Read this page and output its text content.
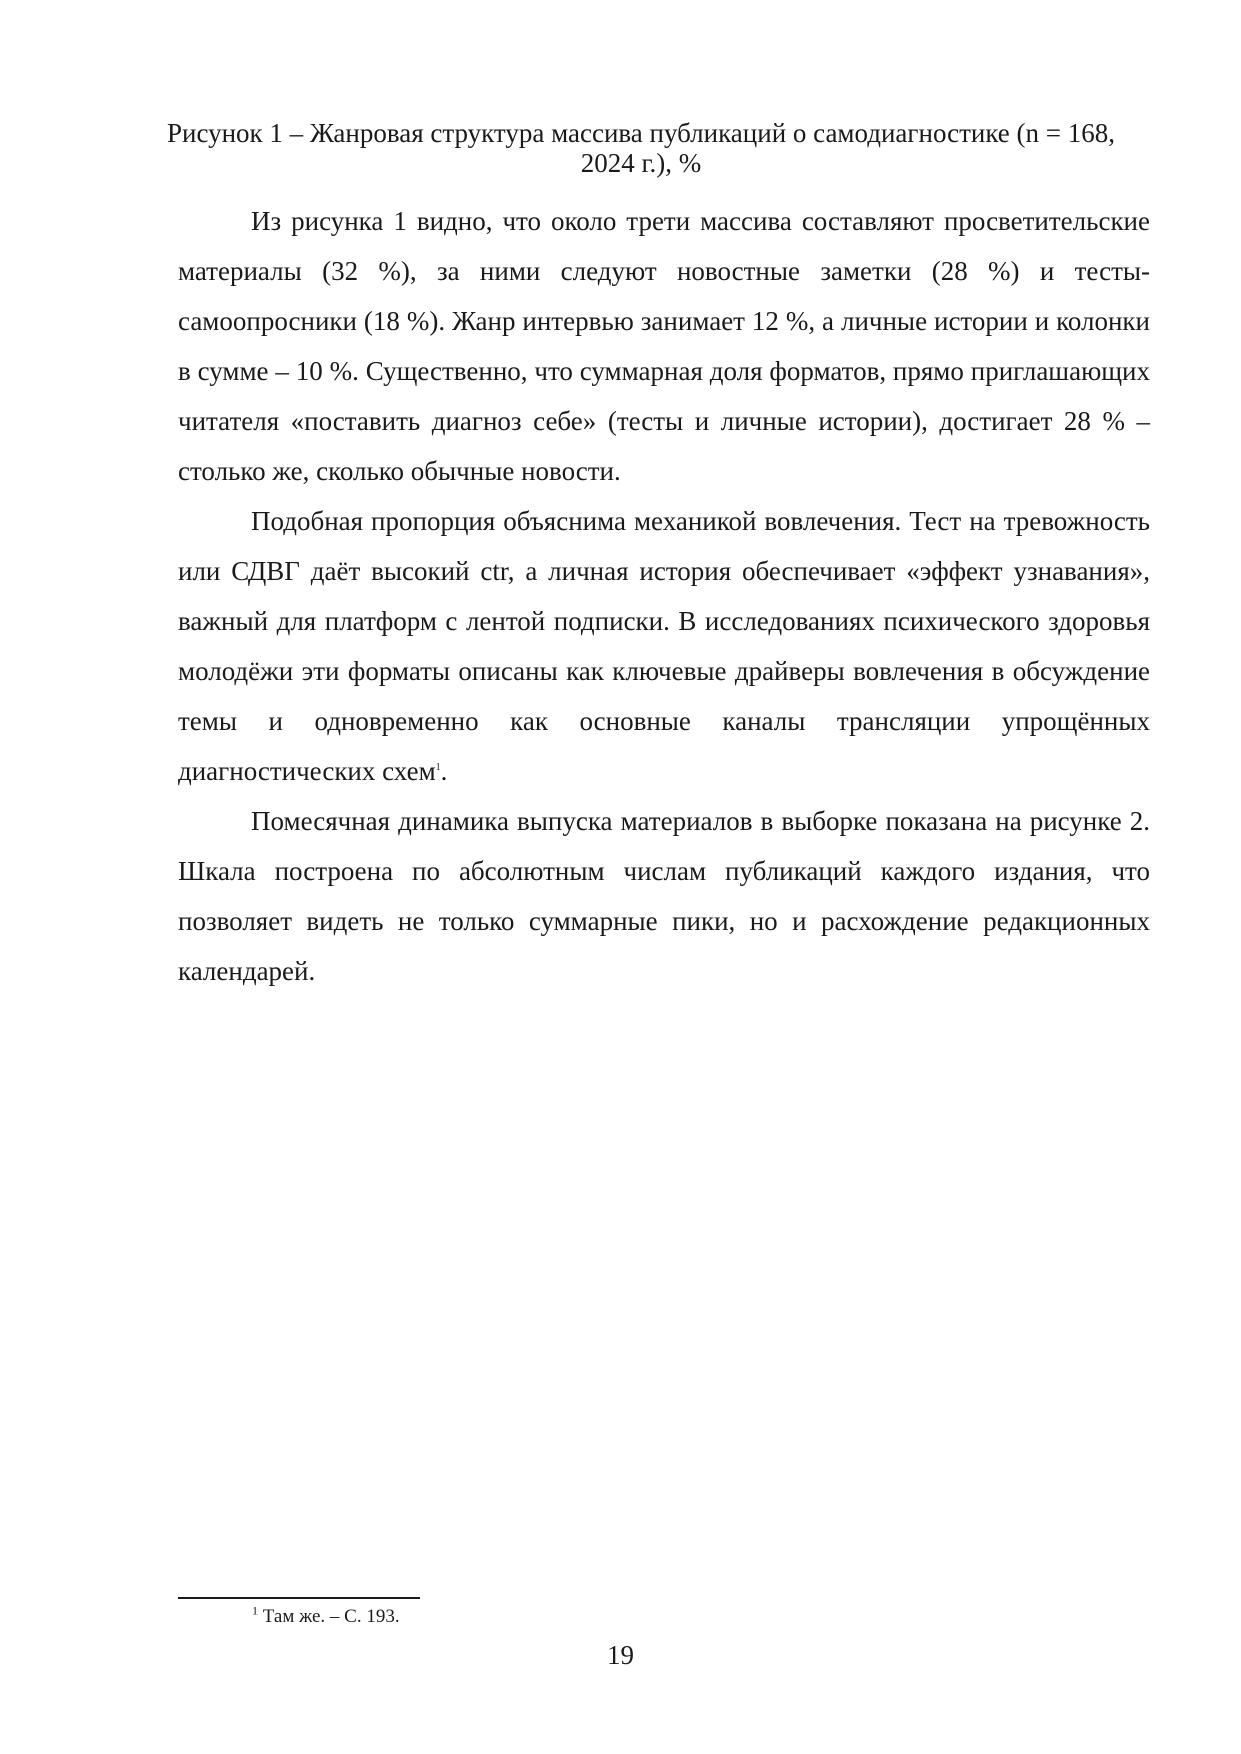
Рисунок 1 – Жанровая структура массива публикаций о самодиагностике (n = 168, 2024 г.), %

Из рисунка 1 видно, что около трети массива составляют просветительские материалы (32 %), за ними следуют новостные заметки (28 %) и тесты-самоопросники (18 %). Жанр интервью занимает 12 %, а личные истории и колонки в сумме – 10 %. Существенно, что суммарная доля форматов, прямо приглашающих читателя «поставить диагноз себе» (тесты и личные истории), достигает 28 % – столько же, сколько обычные новости.

Подобная пропорция объяснима механикой вовлечения. Тест на тревожность или СДВГ даёт высокий ctr, а личная история обеспечивает «эффект узнавания», важный для платформ с лентой подписки. В исследованиях психического здоровья молодёжи эти форматы описаны как ключевые драйверы вовлечения в обсуждение темы и одновременно как основные каналы трансляции упрощённых диагностических схем$^1$.

Помесячная динамика выпуска материалов в выборке показана на рисунке 2. Шкала построена по абсолютным числам публикаций каждого издания, что позволяет видеть не только суммарные пики, но и расхождение редакционных календарей.

$^1$ Там же. – С. 193.
19
